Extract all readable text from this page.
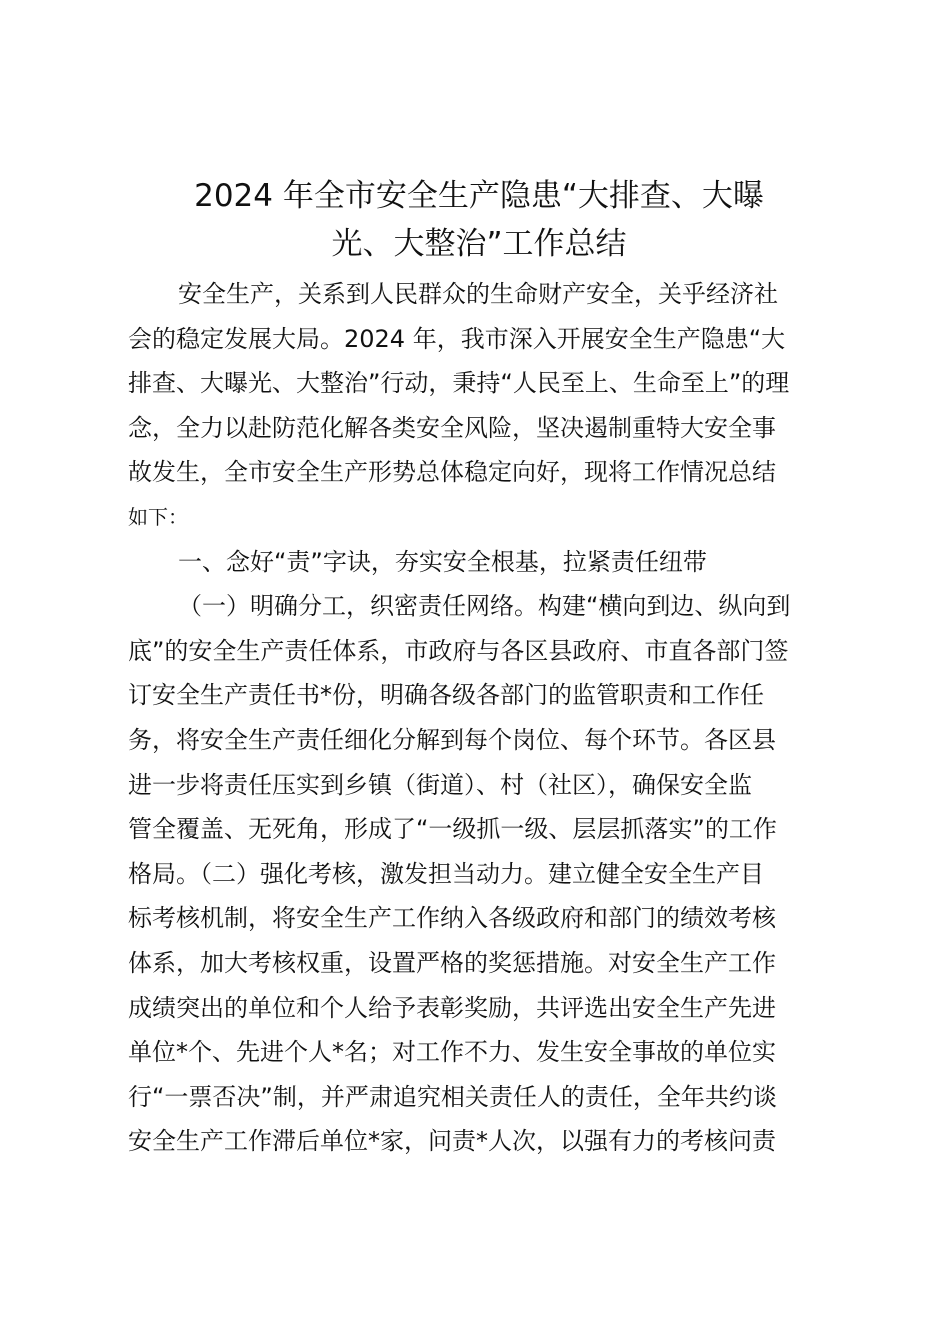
2024 年全市安全生产隐患“大排查、大曝
光、大整治”工作总结
安全生产，关系到人民群众的生命财产安全，关乎经济社
会的稳定发展大局。2024 年，我市深入开展安全生产隐患“大
排查、大曝光、大整治”行动，秉持“人民至上、生命至上”的理
念，全力以赴防范化解各类安全风险，坚决遏制重特大安全事
故发生，全市安全生产形势总体稳定向好，现将工作情况总结
如下：
一、念好“责”字诀，夯实安全根基，拉紧责任纽带
（一）明确分工，织密责任网络。构建“横向到边、纵向到
底”的安全生产责任体系，市政府与各区县政府、市直各部门签
订安全生产责任书*份，明确各级各部门的监管职责和工作任
务，将安全生产责任细化分解到每个岗位、每个环节。各区县
进一步将责任压实到乡镇（街道）、村（社区），确保安全监
管全覆盖、无死角，形成了“一级抓一级、层层抓落实”的工作
格局。（二）强化考核，激发担当动力。建立健全安全生产目
标考核机制，将安全生产工作纳入各级政府和部门的绩效考核
体系，加大考核权重，设置严格的奖惩措施。对安全生产工作
成绩突出的单位和个人给予表彰奖励，共评选出安全生产先进
单位*个、先进个人*名；对工作不力、发生安全事故的单位实
行“一票否决”制，并严肃追究相关责任人的责任，全年共约谈
安全生产工作滞后单位*家，问责*人次，以强有力的考核问责
